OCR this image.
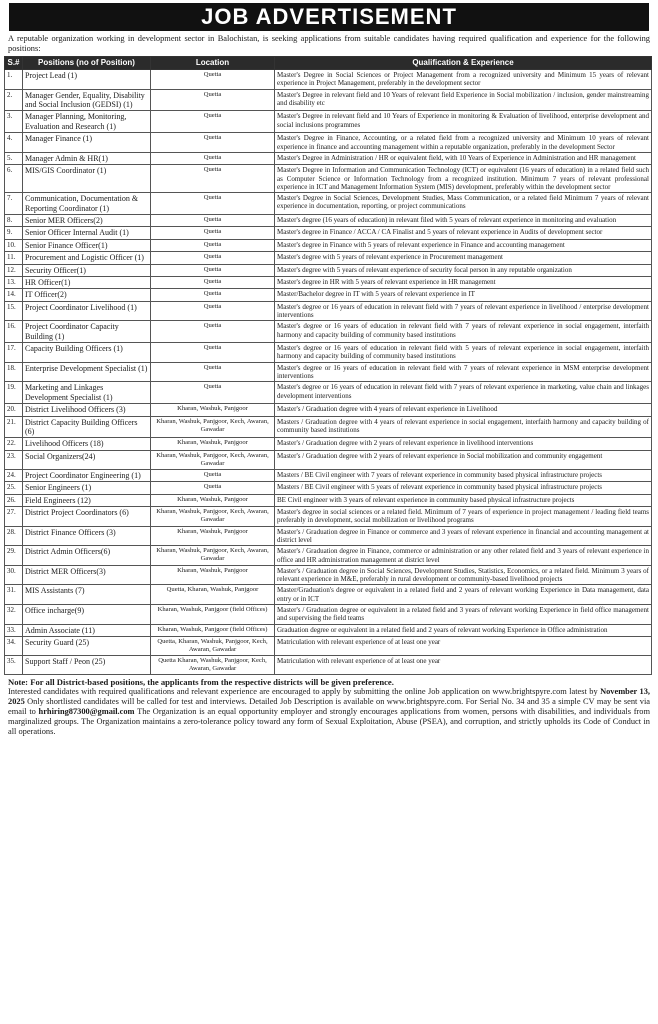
JOB ADVERTISEMENT
A reputable organization working in development sector in Balochistan, is seeking applications from suitable candidates having required qualification and experience for the following positions:
S.#	Positions (no of Position)	Location	Qualification & Experience
1.	Project Lead (1)	Quetta	Master's Degree in Social Sciences or Project Management from a recognized university and Minimum 15 years of relevant experience in Project Management, preferably in the development sector
2.	Manager Gender, Equality, Disability and Social Inclusion (GEDSI) (1)	Quetta	Master's Degree in relevant field and 10 Years of relevant field Experience in Social mobilization / inclusion, gender mainstreaming and disability etc
3.	Manager Planning, Monitoring, Evaluation and Research (1)	Quetta	Master's Degree in relevant field and 10 Years of Experience in monitoring & Evaluation of livelihood, enterprise development and social inclusions programmes
4.	Manager Finance (1)	Quetta	Master's Degree in Finance, Accounting, or a related field from a recognized university and Minimum 10 years of relevant experience in finance and accounting management within a reputable organization, preferably in the development Sector
5.	Manager Admin & HR(1)	Quetta	Master's Degree in Administration / HR or equivalent field, with 10 Years of Experience in Administration and HR management
6.	MIS/GIS Coordinator (1)	Quetta	Master's Degree in Information and Communication Technology (ICT) or equivalent (16 years of education) in a related field such as Computer Science or Information Technology from a recognized institution. Minimum 7 years of relevant professional experience in ICT and Management Information System (MIS) development, preferably within the development sector
7.	Communication, Documentation & Reporting Coordinator (1)	Quetta	Master's Degree in Social Sciences, Development Studies, Mass Communication, or a related field Minimum 7 years of relevant experience in documentation, reporting, or project communications
8.	Senior MER Officers(2)	Quetta	Master's degree (16 years of education) in relevant filed with 5 years of relevant experience in monitoring and evaluation
9.	Senior Officer Internal Audit (1)	Quetta	Master's degree in Finance / ACCA / CA Finalist and 5 years of relevant experience in Audits of development sector
10.	Senior Finance Officer(1)	Quetta	Master's degree in Finance with 5 years of relevant experience in Finance and accounting management
11.	Procurement and Logistic Officer (1)	Quetta	Master's degree with 5 years of relevant experience in Procurement management
12.	Security Officer(1)	Quetta	Master's degree with 5 years of relevant experience of security focal person in any reputable organization
13.	HR Officer(1)	Quetta	Master's degree in HR with 5 years of relevant experience in HR management
14.	IT Officer(2)	Quetta	Master/Bachelor degree in IT with 5 years of relevant experience in IT
15.	Project Coordinator Livelihood (1)	Quetta	Master's degree or 16 years of education in relevant field with 7 years of relevant experience in livelihood / enterprise development interventions
16.	Project Coordinator Capacity Building (1)	Quetta	Master's degree or 16 years of education in relevant field with 7 years of relevant experience in social engagement, interfaith harmony and capacity building of community based institutions
17.	Capacity Building Officers (1)	Quetta	Master's degree or 16 years of education in relevant field with 5 years of relevant experience in social engagement, interfaith harmony and capacity building of community based institutions
18.	Enterprise Development Specialist (1)	Quetta	Master's degree or 16 years of education in relevant field with 7 years of relevant experience in MSM enterprise development interventions
19.	Marketing and Linkages Development Specialist (1)	Quetta	Master's degree or 16 years of education in relevant field with 7 years of relevant experience in marketing, value chain and linkages development interventions
20.	District Livelihood Officers (3)	Kharan, Washuk, Panjgoor	Master's / Graduation degree with 4 years of relevant experience in Livelihood
21.	District Capacity Building Officers (6)	Kharan, Washuk, Panjgoor, Kech, Awaran, Gawadar	Masters / Graduation degree with 4 years of relevant experience in social engagement, interfaith harmony and capacity building of community based institutions
22.	Livelihood Officers (18)	Kharan, Washuk, Panjgoor	Master's / Graduation degree with 2 years of relevant experience in livelihood interventions
23.	Social Organizers(24)	Kharan, Washuk, Panjgoor, Kech, Awaran, Gawadar	Master's / Graduation degree with 2 years of relevant experience in Social mobilization and community engagement
24.	Project Coordinator Engineering (1)	Quetta	Masters / BE Civil engineer with 7 years of relevant experience in community based physical infrastructure projects
25.	Senior Engineers (1)	Quetta	Masters / BE Civil engineer with 5 years of relevant experience in community based physical infrastructure projects
26.	Field Engineers (12)	Kharan, Washuk, Panjgoor	BE Civil engineer with 3 years of relevant experience in community based physical infrastructure projects
27.	District Project Coordinators (6)	Kharan, Washuk, Panjgoor, Kech, Awaran, Gawadar	Master's degree in social sciences or a related field. Minimum of 7 years of experience in project management / leading field teams preferably in development, social mobilization or livelihood programs
28.	District Finance Officers (3)	Kharan, Washuk, Panjgoor	Master's / Graduation degree in Finance or commerce and 3 years of relevant experience in financial and accounting management at district level
29.	District Admin Officers(6)	Kharan, Washuk, Panjgoor, Kech, Awaran, Gawadar	Master's / Graduation degree in Finance, commerce or administration or any other related field and 3 years of relevant experience in office and HR administration management at district level
30.	District MER Officers(3)	Kharan, Washuk, Panjgoor	Master's / Graduation degree in Social Sciences, Development Studies, Statistics, Economics, or a related field. Minimum 3 years of relevant experience in M&E, preferably in rural development or community-based livelihood projects
31.	MIS Assistants (7)	Quetta, Kharan, Washuk, Panjgoor	Master/Graduation's degree or equivalent in a related field and 2 years of relevant working Experience in Data management, data entry or in ICT
32.	Office incharge(9)	Kharan, Washuk, Panjgoor (field Offices)	Master's / Graduation degree or equivalent in a related field and 3 years of relevant working Experience in field office management and supervising the field teams
33.	Admin Associate (11)	Kharan, Washuk, Panjgoor (field Offices)	Graduation degree or equivalent in a related field and 2 years of relevant working Experience in Office administration
34.	Security Guard (25)	Quetta, Kharan, Washuk, Panjgoor, Kech, Awaran, Gawadar	Matriculation with relevant experience of at least one year
35.	Support Staff / Peon (25)	Quetta Kharan, Washuk, Panjgoor, Kech, Awaran, Gawadar	Matriculation with relevant experience of at least one year
Note: For all District-based positions, the applicants from the respective districts will be given preference.
Interested candidates with required qualifications and relevant experience are encouraged to apply by submitting the online Job application on www.brightspyre.com latest by November 13, 2025 Only shortlisted candidates will be called for test and interviews. Detailed Job Description is available on www.brightspyre.com. For Serial No. 34 and 35 a simple CV may be sent via email to hrhiring87300@gmail.com The Organization is an equal opportunity employer and strongly encourages applications from women, persons with disabilities, and individuals from marginalized groups. The Organization maintains a zero-tolerance policy toward any form of Sexual Exploitation, Abuse (PSEA), and corruption, and strictly upholds its Code of Conduct in all operations.
